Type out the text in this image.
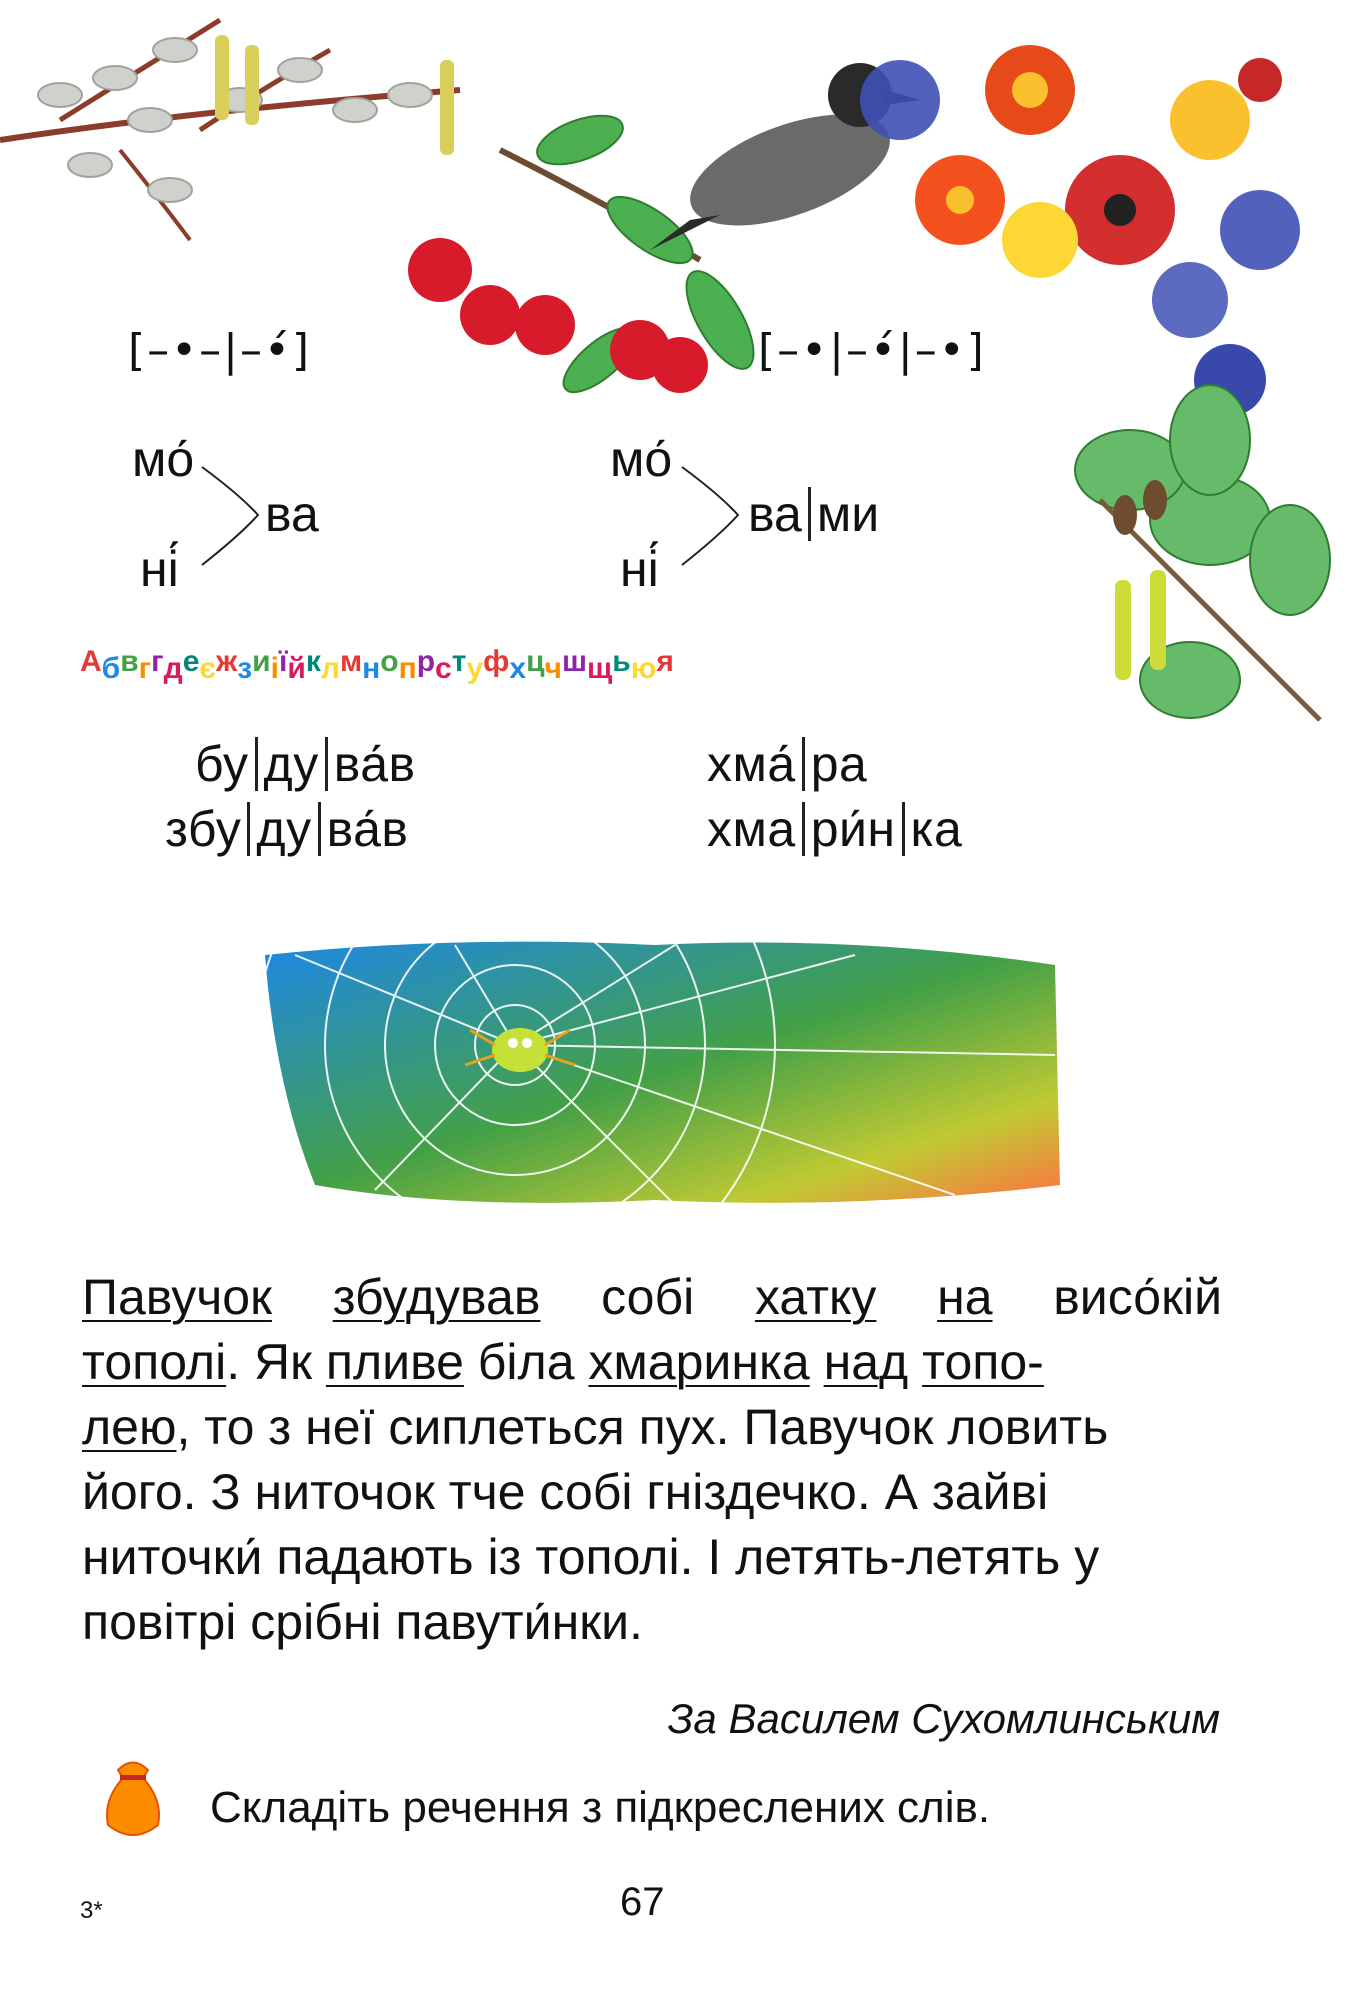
[–•–|–•́]	[–•|–•́|–•]
мо́
ні́
ва
мо́
ні́
ва ми
Абвггдеєжзиіїйклмнопрстуфхцчшщьюя
бу ду ва́в
збу ду ва́в
хма́ ра
хма ри́н ка
Павучок збудував собі хатку на висо́кій
тополі. Як пливе біла хмаринка над топо-
лею, то з неї сиплеться пух. Павучок ловить
його. З ниточок тче собі гніздечко. А зайві
ниточки́ падають із тополі. І летять-летять у
повітрі срібні павути́нки.
За Василем Сухомлинським
Складіть речення з підкреслених слів.
67
3*
